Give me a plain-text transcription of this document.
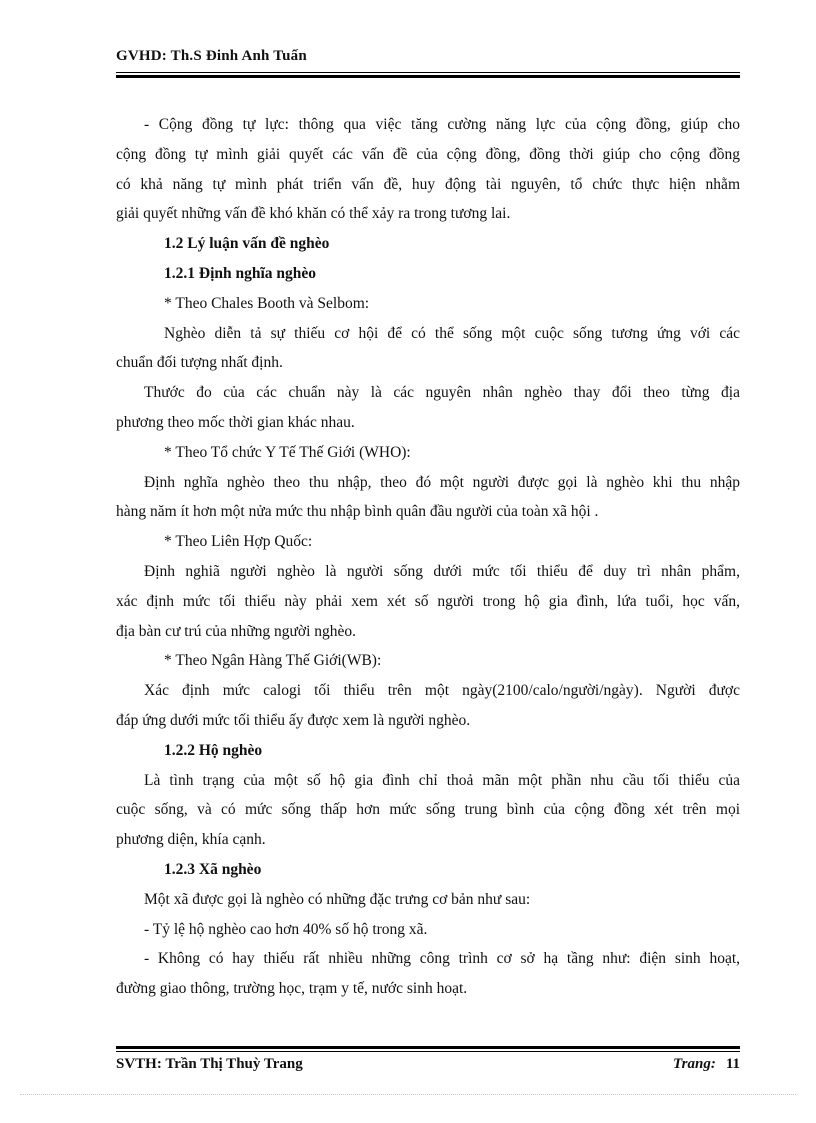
GVHD: Th.S Đinh Anh Tuấn
- Cộng đồng tự lực: thông qua việc tăng cường năng lực của cộng đồng, giúp cho
cộng đồng tự mình giải quyết các vấn đề của cộng đồng, đồng thời giúp cho cộng đồng
có khả năng tự mình phát triển vấn đề, huy động tài nguyên, tổ chức thực hiện nhằm
giải quyết những vấn đề khó khăn có thể xảy ra trong tương lai.
1.2 Lý luận vấn đề nghèo
1.2.1 Định nghĩa nghèo
* Theo Chales Booth và Selbom:
Nghèo diễn tả sự thiếu cơ hội để có thể sống một cuộc sống tương ứng với các
chuẩn đối tượng nhất định.
Thước đo của các chuẩn này là các nguyên nhân nghèo thay đổi theo từng địa
phương theo mốc thời gian khác nhau.
* Theo Tổ chức Y Tế Thế Giới (WHO):
Định nghĩa nghèo theo thu nhập, theo đó một người được gọi là nghèo khi thu nhập
hàng năm ít hơn một nửa mức thu nhập bình quân đầu người của toàn xã hội .
* Theo Liên Hợp Quốc:
Định nghiã người nghèo là người sống dưới mức tối thiểu để duy trì nhân phẩm,
xác định mức tối thiểu này phải xem xét số người trong hộ gia đình, lứa tuổi, học vấn,
địa bàn cư trú của những người nghèo.
* Theo Ngân Hàng Thế Giới(WB):
Xác định mức calogi tối thiểu trên một ngày(2100/calo/người/ngày). Người được
đáp ứng dưới mức tối thiểu ấy được xem là người nghèo.
1.2.2 Hộ nghèo
Là tình trạng của một số hộ gia đình chỉ thoả mãn một phần nhu cầu tối thiểu của
cuộc sống, và có mức sống thấp hơn mức sống trung bình của cộng đồng xét trên mọi
phương diện, khía cạnh.
1.2.3 Xã nghèo
Một xã được gọi là nghèo có những đặc trưng cơ bản như sau:
- Tỷ lệ hộ nghèo cao hơn 40% số hộ trong xã.
- Không có hay thiếu rất nhiều những công trình cơ sở hạ tầng như: điện sinh hoạt,
đường giao thông, trường học, trạm y tế, nước sinh hoạt.
SVTH: Trần Thị Thuỳ Trang	Trang: 11
